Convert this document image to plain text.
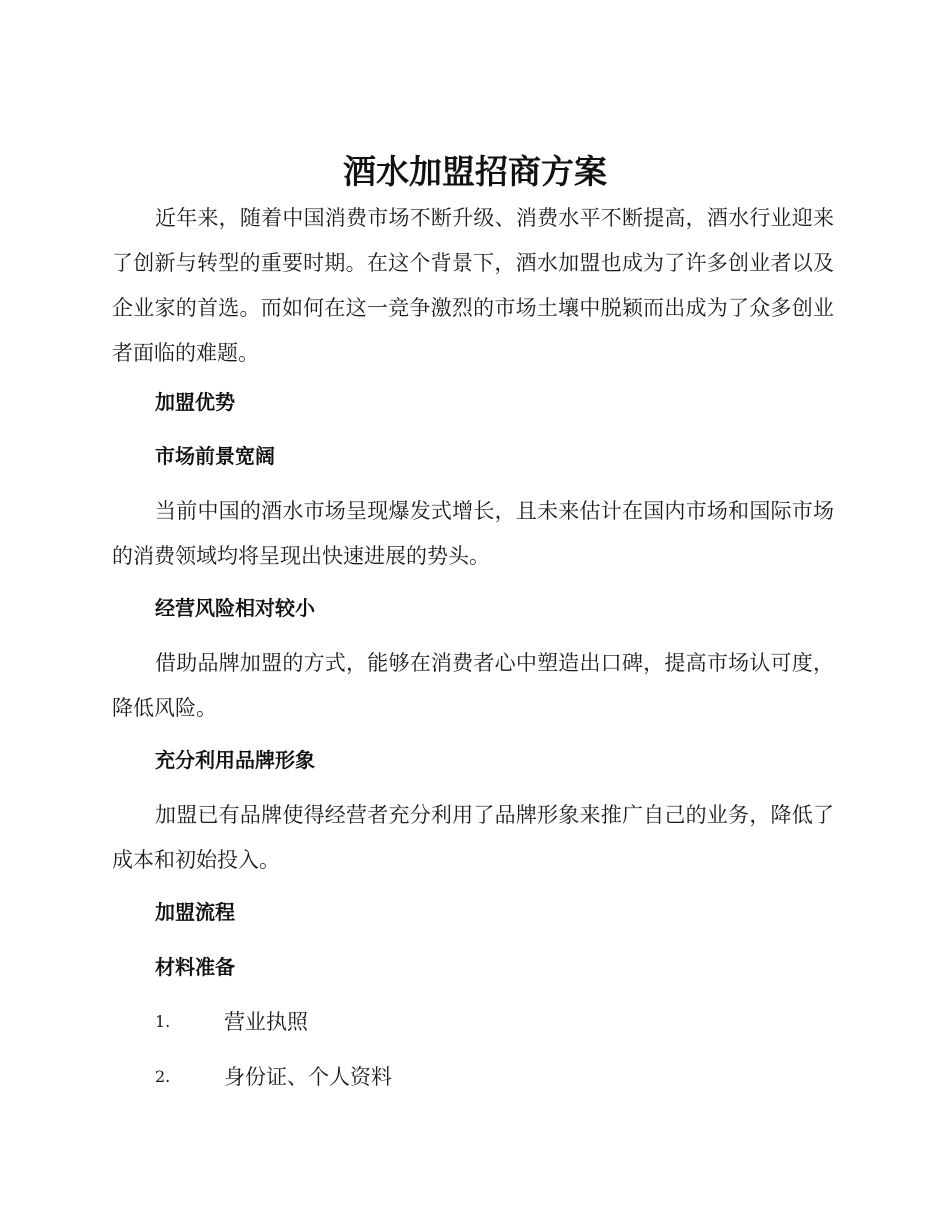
酒水加盟招商方案

近年来，随着中国消费市场不断升级、消费水平不断提高，酒水行业迎来了创新与转型的重要时期。在这个背景下，酒水加盟也成为了许多创业者以及企业家的首选。而如何在这一竞争激烈的市场土壤中脱颖而出成为了众多创业者面临的难题。

加盟优势
市场前景宽阔

当前中国的酒水市场呈现爆发式增长，且未来估计在国内市场和国际市场的消费领域均将呈现出快速进展的势头。

经营风险相对较小

借助品牌加盟的方式，能够在消费者心中塑造出口碑，提高市场认可度，降低风险。

充分利用品牌形象

加盟已有品牌使得经营者充分利用了品牌形象来推广自己的业务，降低了成本和初始投入。

加盟流程
材料准备
1.	营业执照
2.	身份证、个人资料
